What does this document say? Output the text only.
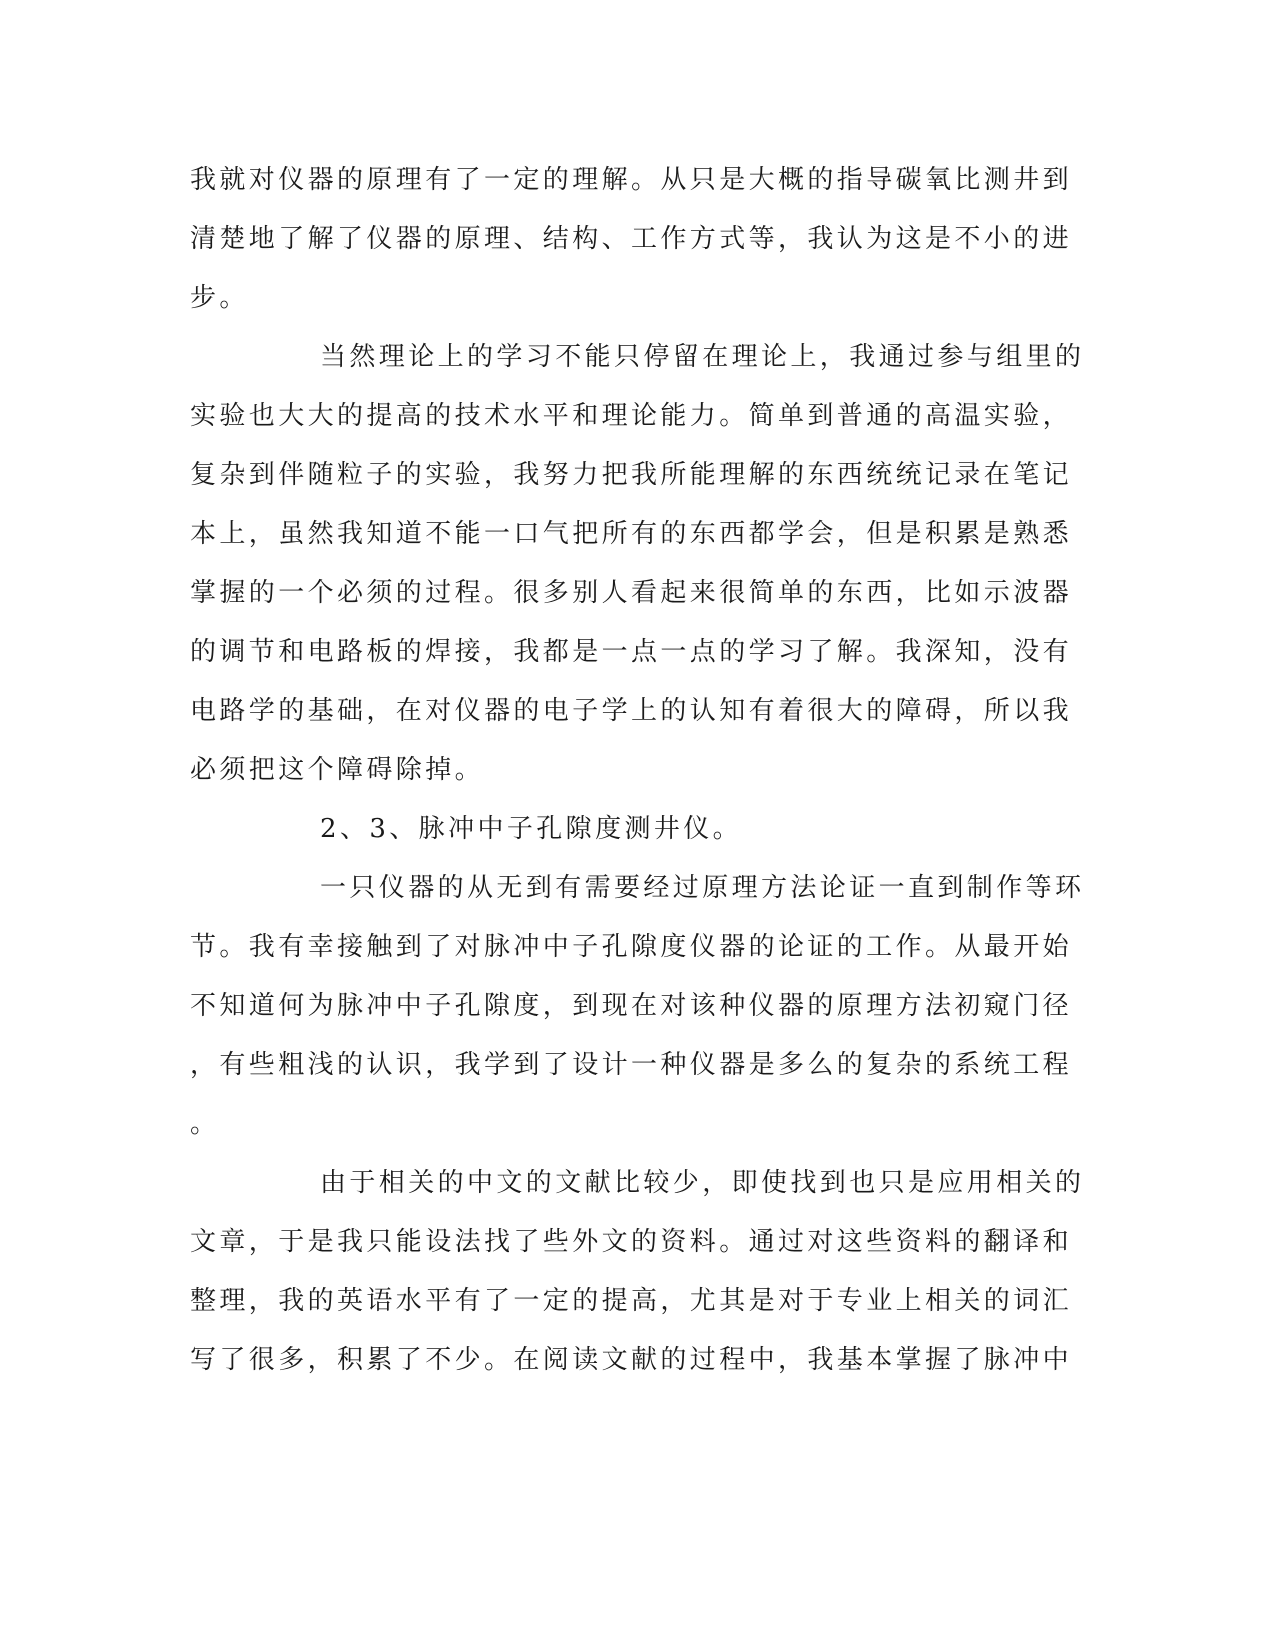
我就对仪器的原理有了一定的理解。从只是大概的指导碳氧比测井到
清楚地了解了仪器的原理、结构、工作方式等，我认为这是不小的进
步。
当然理论上的学习不能只停留在理论上，我通过参与组里的
实验也大大的提高的技术水平和理论能力。简单到普通的高温实验，
复杂到伴随粒子的实验，我努力把我所能理解的东西统统记录在笔记
本上，虽然我知道不能一口气把所有的东西都学会，但是积累是熟悉
掌握的一个必须的过程。很多别人看起来很简单的东西，比如示波器
的调节和电路板的焊接，我都是一点一点的学习了解。我深知，没有
电路学的基础，在对仪器的电子学上的认知有着很大的障碍，所以我
必须把这个障碍除掉。
2、3、脉冲中子孔隙度测井仪。
一只仪器的从无到有需要经过原理方法论证一直到制作等环
节。我有幸接触到了对脉冲中子孔隙度仪器的论证的工作。从最开始
不知道何为脉冲中子孔隙度，到现在对该种仪器的原理方法初窥门径
，有些粗浅的认识，我学到了设计一种仪器是多么的复杂的系统工程
。
由于相关的中文的文献比较少，即使找到也只是应用相关的
文章，于是我只能设法找了些外文的资料。通过对这些资料的翻译和
整理，我的英语水平有了一定的提高，尤其是对于专业上相关的词汇
写了很多，积累了不少。在阅读文献的过程中，我基本掌握了脉冲中
